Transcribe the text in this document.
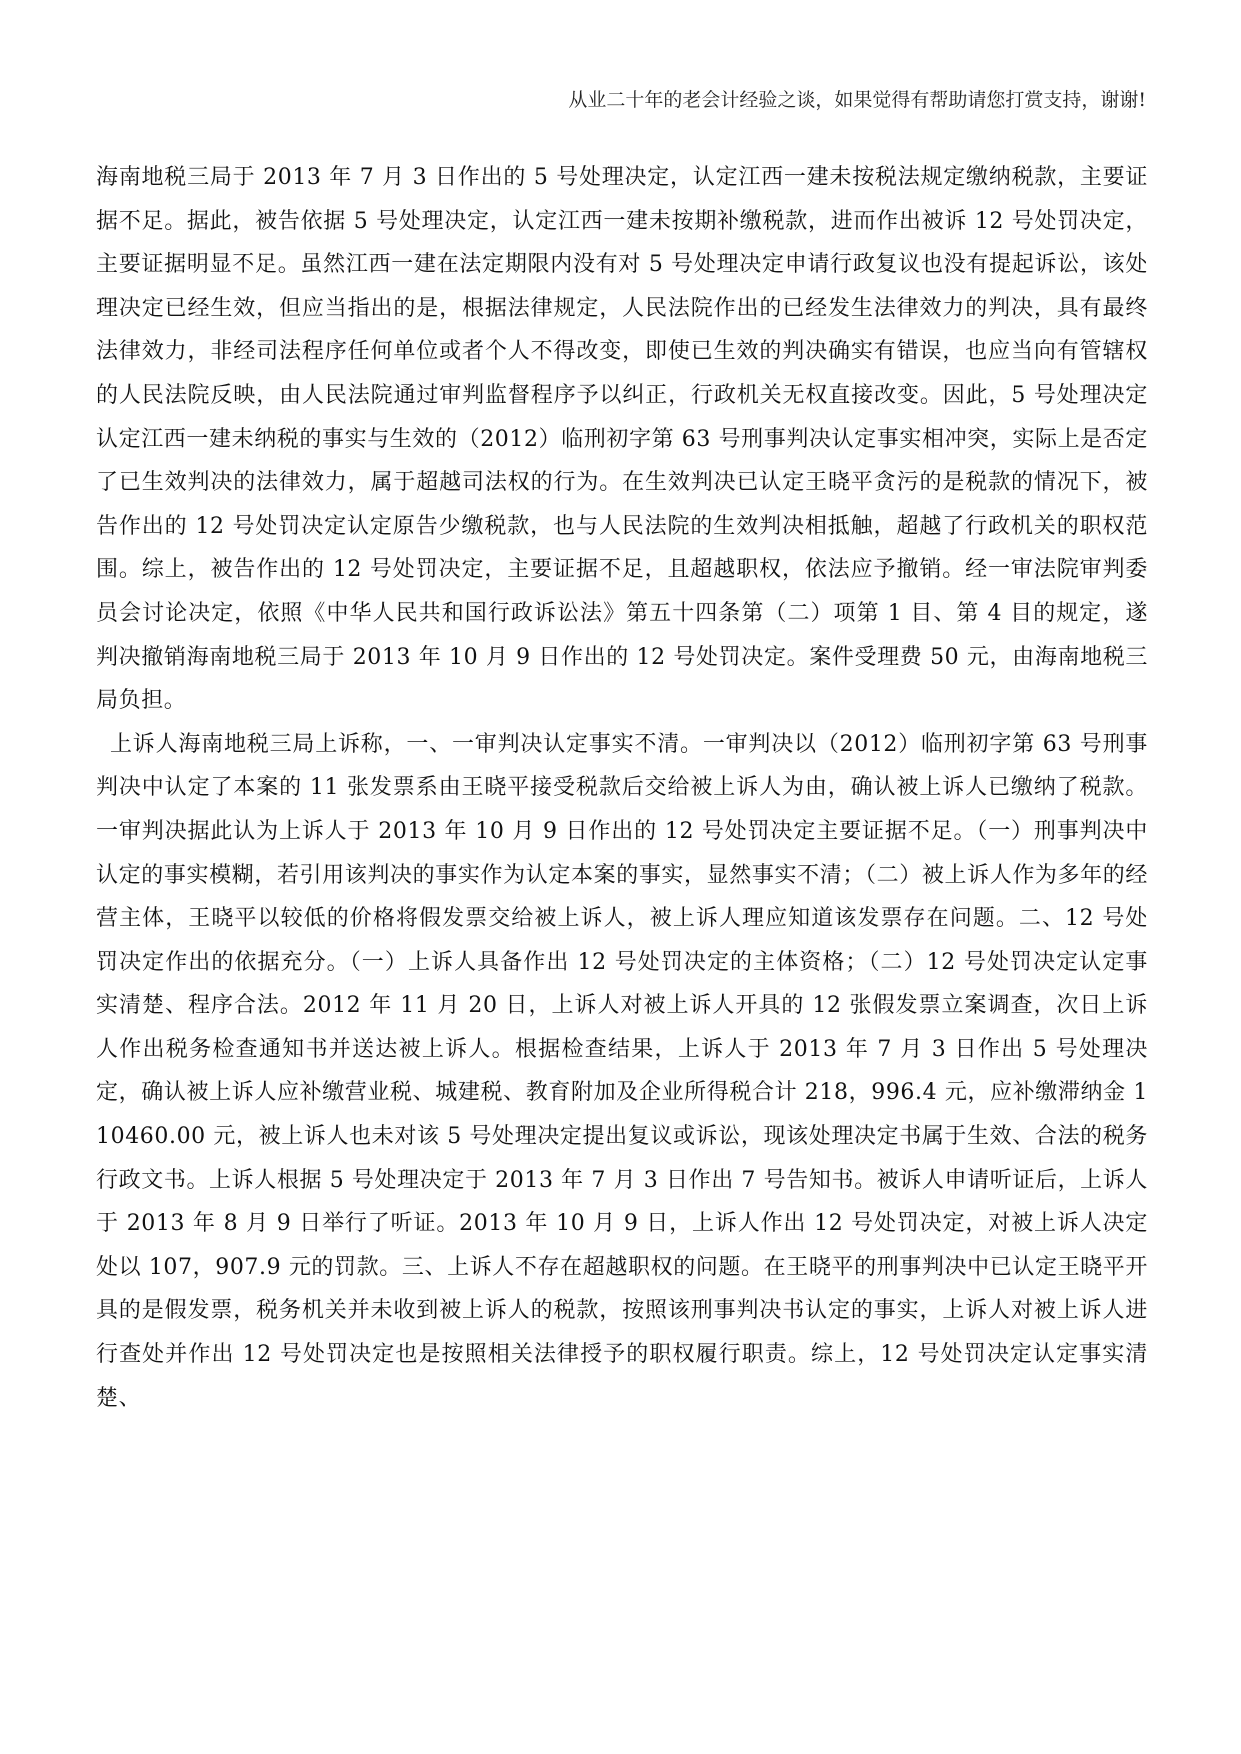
从业二十年的老会计经验之谈，如果觉得有帮助请您打赏支持，谢谢!

海南地税三局于 2013 年 7 月 3 日作出的 5 号处理决定，认定江西一建未按税法规定缴纳税款，主要证据不足。据此，被告依据 5 号处理决定，认定江西一建未按期补缴税款，进而作出被诉 12 号处罚决定，主要证据明显不足。虽然江西一建在法定期限内没有对 5 号处理决定申请行政复议也没有提起诉讼，该处理决定已经生效，但应当指出的是，根据法律规定，人民法院作出的已经发生法律效力的判决，具有最终法律效力，非经司法程序任何单位或者个人不得改变，即使已生效的判决确实有错误，也应当向有管辖权的人民法院反映，由人民法院通过审判监督程序予以纠正，行政机关无权直接改变。因此，5 号处理决定认定江西一建未纳税的事实与生效的（2012）临刑初字第 63 号刑事判决认定事实相冲突，实际上是否定了已生效判决的法律效力，属于超越司法权的行为。在生效判决已认定王晓平贪污的是税款的情况下，被告作出的 12 号处罚决定认定原告少缴税款，也与人民法院的生效判决相抵触，超越了行政机关的职权范围。综上，被告作出的 12 号处罚决定，主要证据不足，且超越职权，依法应予撤销。经一审法院审判委员会讨论决定，依照《中华人民共和国行政诉讼法》第五十四条第（二）项第 1 目、第 4 目的规定，遂判决撤销海南地税三局于 2013 年 10 月 9 日作出的 12 号处罚决定。案件受理费 50 元，由海南地税三局负担。

上诉人海南地税三局上诉称，一、一审判决认定事实不清。一审判决以（2012）临刑初字第 63 号刑事判决中认定了本案的 11 张发票系由王晓平接受税款后交给被上诉人为由，确认被上诉人已缴纳了税款。一审判决据此认为上诉人于 2013 年 10 月 9 日作出的 12 号处罚决定主要证据不足。（一）刑事判决中认定的事实模糊，若引用该判决的事实作为认定本案的事实，显然事实不清；（二）被上诉人作为多年的经营主体，王晓平以较低的价格将假发票交给被上诉人，被上诉人理应知道该发票存在问题。二、12 号处罚决定作出的依据充分。（一）上诉人具备作出 12 号处罚决定的主体资格；（二）12 号处罚决定认定事实清楚、程序合法。2012 年 11 月 20 日，上诉人对被上诉人开具的 12 张假发票立案调查，次日上诉人作出税务检查通知书并送达被上诉人。根据检查结果，上诉人于 2013 年 7 月 3 日作出 5 号处理决定，确认被上诉人应补缴营业税、城建税、教育附加及企业所得税合计 218，996.4 元，应补缴滞纳金 110460.00 元，被上诉人也未对该 5 号处理决定提出复议或诉讼，现该处理决定书属于生效、合法的税务行政文书。上诉人根据 5 号处理决定于 2013 年 7 月 3 日作出 7 号告知书。被诉人申请听证后，上诉人于 2013 年 8 月 9 日举行了听证。2013 年 10 月 9 日，上诉人作出 12 号处罚决定，对被上诉人决定处以 107，907.9 元的罚款。三、上诉人不存在超越职权的问题。在王晓平的刑事判决中已认定王晓平开具的是假发票，税务机关并未收到被上诉人的税款，按照该刑事判决书认定的事实，上诉人对被上诉人进行查处并作出 12 号处罚决定也是按照相关法律授予的职权履行职责。综上，12 号处罚决定认定事实清楚、
